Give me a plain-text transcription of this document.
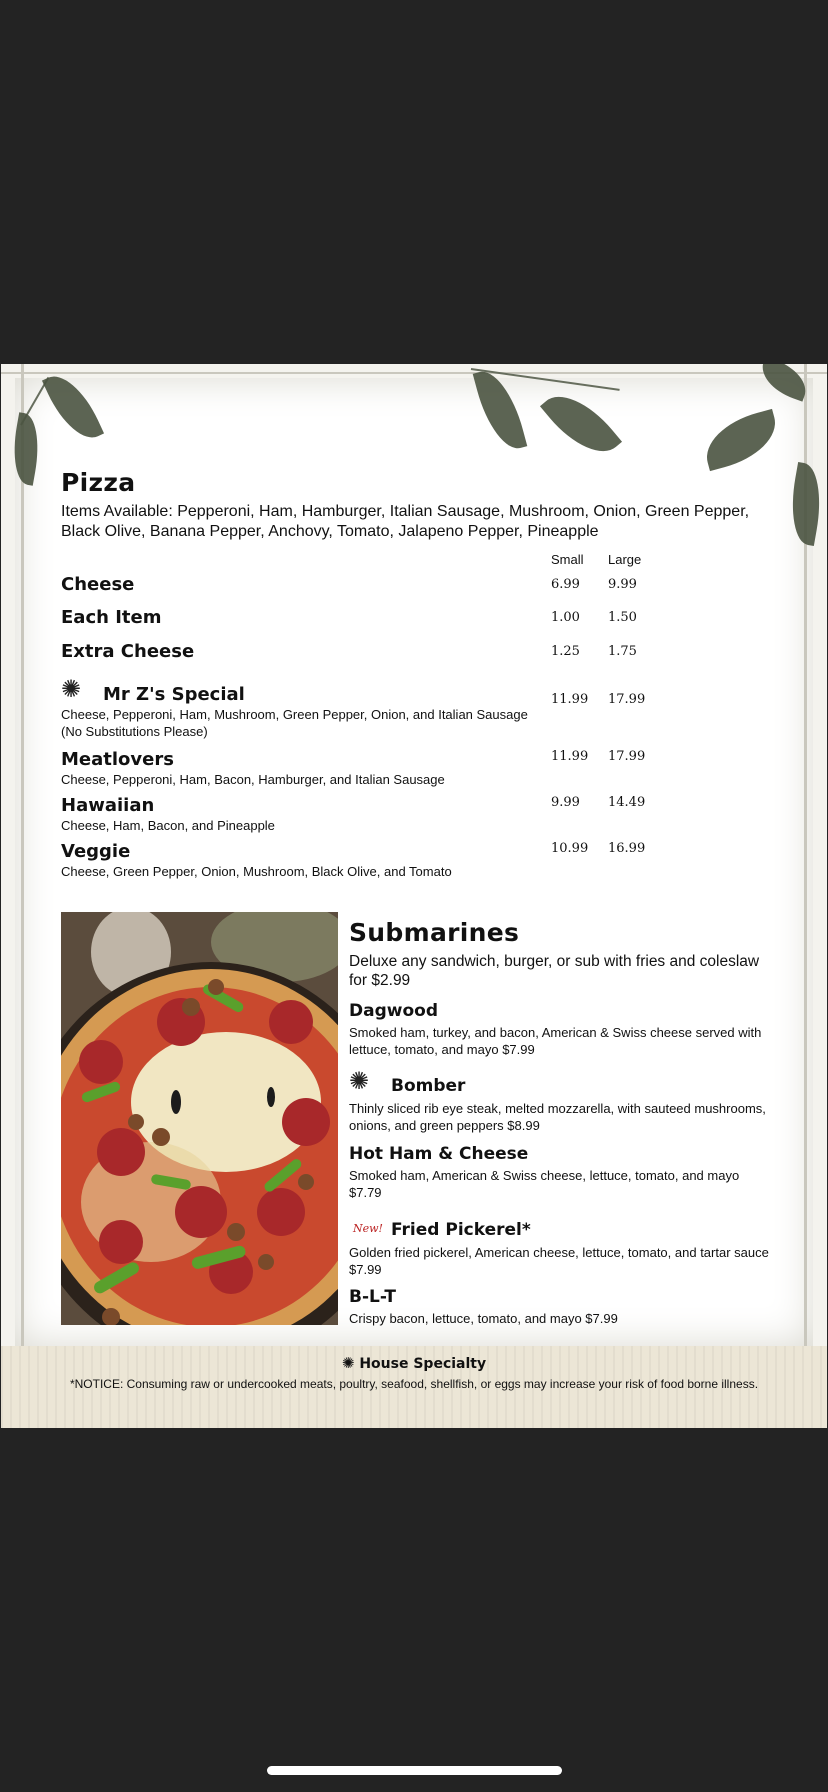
Pizza
Items Available: Pepperoni, Ham, Hamburger, Italian Sausage, Mushroom, Onion, Green Pepper, Black Olive, Banana Pepper, Anchovy, Tomato, Jalapeno Pepper, Pineapple
Small Large
Cheese	6.99 9.99
Each Item	1.00 1.50
Extra Cheese	1.25 1.75
✺ Mr Z's Special
Cheese, Pepperoni, Ham, Mushroom, Green Pepper, Onion, and Italian Sausage
(No Substitutions Please)
11.99 17.99
Meatlovers
Cheese, Pepperoni, Ham, Bacon, Hamburger, and Italian Sausage
11.99 17.99
Hawaiian
Cheese, Ham, Bacon, and Pineapple
9.99 14.49
Veggie
Cheese, Green Pepper, Onion, Mushroom, Black Olive, and Tomato
10.99 16.99
Submarines
Deluxe any sandwich, burger, or sub with fries and coleslaw for $2.99
Dagwood
Smoked ham, turkey, and bacon, American & Swiss cheese served with lettuce, tomato, and mayo $7.99
✺ Bomber
Thinly sliced rib eye steak, melted mozzarella, with sauteed mushrooms, onions, and green peppers $8.99
Hot Ham & Cheese
Smoked ham, American & Swiss cheese, lettuce, tomato, and mayo $7.79
New! Fried Pickerel*
Golden fried pickerel, American cheese, lettuce, tomato, and tartar sauce $7.99
B-L-T
Crispy bacon, lettuce, tomato, and mayo $7.99
✺ House Specialty
*NOTICE: Consuming raw or undercooked meats, poultry, seafood, shellfish, or eggs may increase your risk of food borne illness.
